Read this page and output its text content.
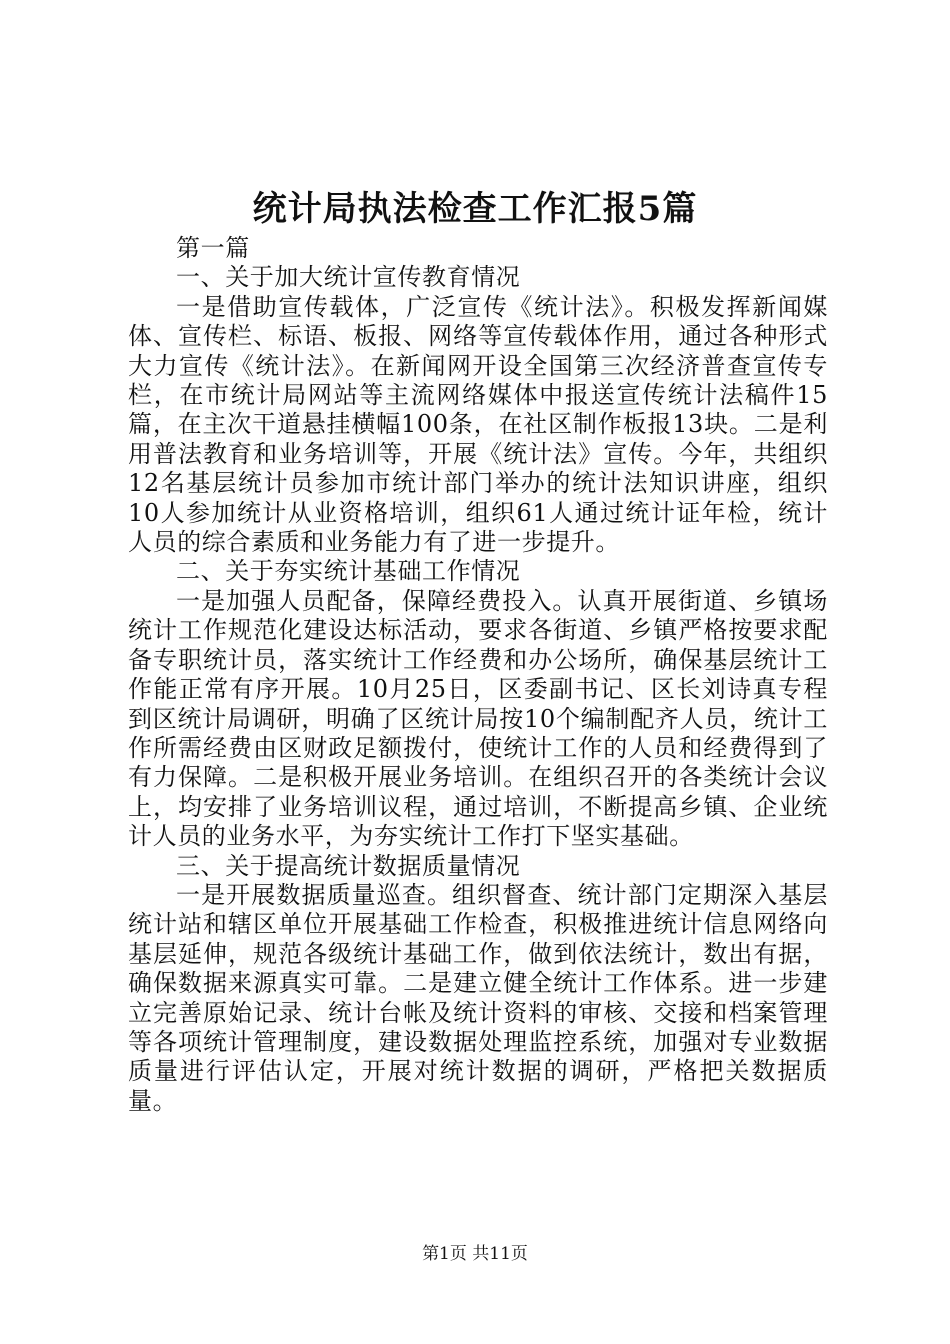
统计局执法检查工作汇报5篇

第一篇

一、关于加大统计宣传教育情况

一是借助宣传载体，广泛宣传《统计法》。积极发挥新闻媒体、宣传栏、标语、板报、网络等宣传载体作用，通过各种形式大力宣传《统计法》。在新闻网开设全国第三次经济普查宣传专栏，在市统计局网站等主流网络媒体中报送宣传统计法稿件15篇，在主次干道悬挂横幅100条，在社区制作板报13块。二是利用普法教育和业务培训等，开展《统计法》宣传。今年，共组织12名基层统计员参加市统计部门举办的统计法知识讲座，组织10人参加统计从业资格培训，组织61人通过统计证年检，统计人员的综合素质和业务能力有了进一步提升。

二、关于夯实统计基础工作情况

一是加强人员配备，保障经费投入。认真开展街道、乡镇场统计工作规范化建设达标活动，要求各街道、乡镇严格按要求配备专职统计员，落实统计工作经费和办公场所，确保基层统计工作能正常有序开展。10月25日，区委副书记、区长刘诗真专程到区统计局调研，明确了区统计局按10个编制配齐人员，统计工作所需经费由区财政足额拨付，使统计工作的人员和经费得到了有力保障。二是积极开展业务培训。在组织召开的各类统计会议上，均安排了业务培训议程，通过培训，不断提高乡镇、企业统计人员的业务水平，为夯实统计工作打下坚实基础。

三、关于提高统计数据质量情况

一是开展数据质量巡查。组织督查、统计部门定期深入基层统计站和辖区单位开展基础工作检查，积极推进统计信息网络向基层延伸，规范各级统计基础工作，做到依法统计，数出有据，确保数据来源真实可靠。二是建立健全统计工作体系。进一步建立完善原始记录、统计台帐及统计资料的审核、交接和档案管理等各项统计管理制度，建设数据处理监控系统，加强对专业数据质量进行评估认定，开展对统计数据的调研，严格把关数据质量。

第1页 共11页
